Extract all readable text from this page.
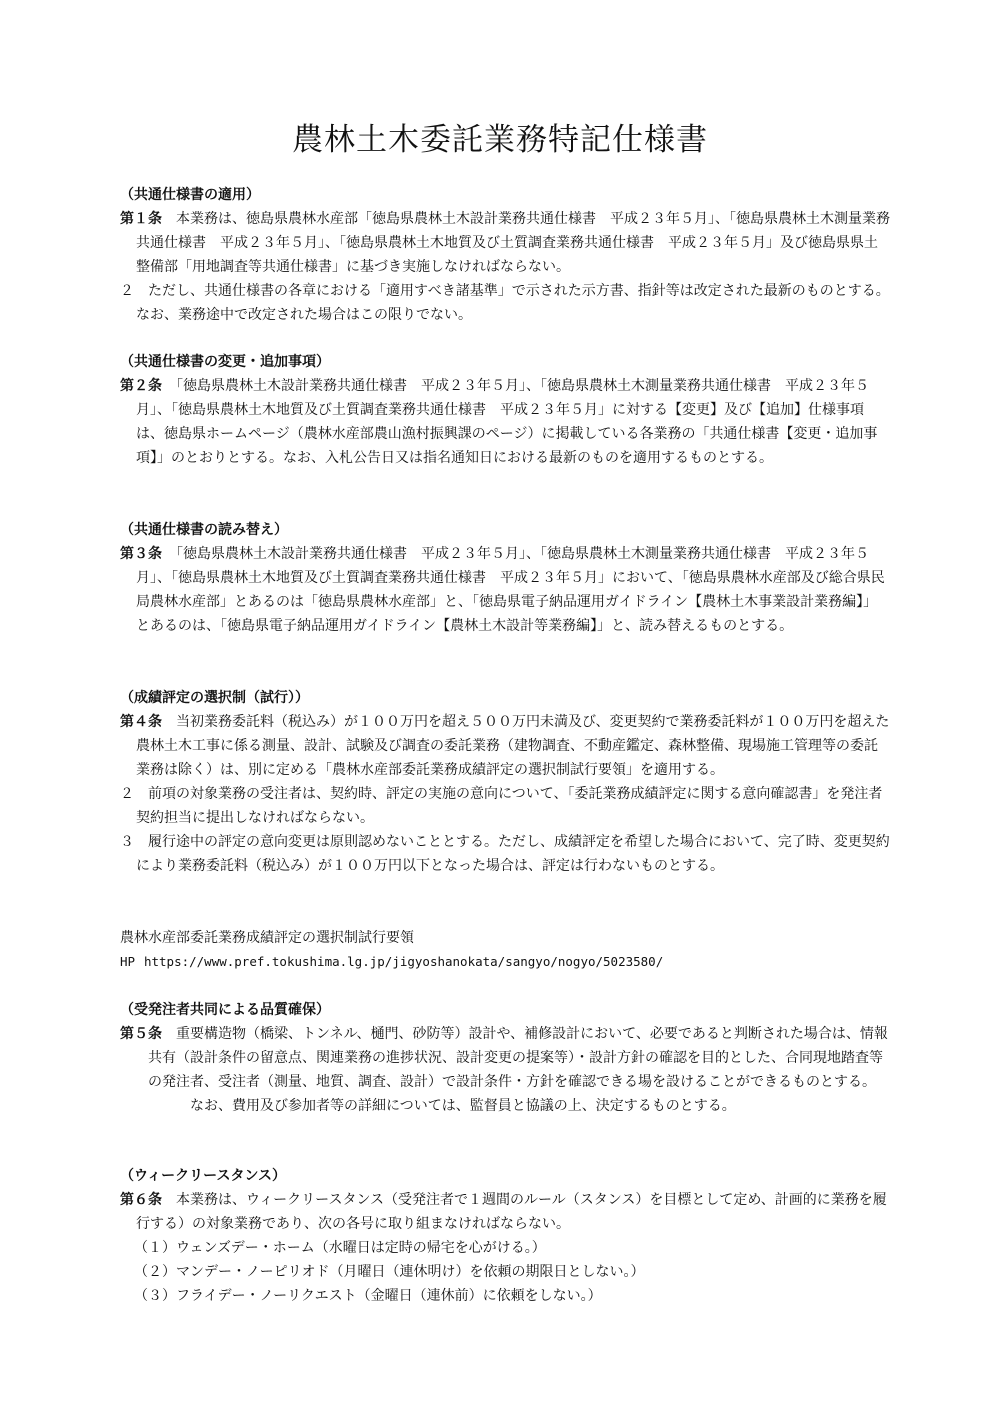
農林土木委託業務特記仕様書

（共通仕様書の適用）

第１条　本業務は、徳島県農林水産部「徳島県農林土木設計業務共通仕様書　平成２３年５月」、「徳島県農林土木測量業務共通仕様書　平成２３年５月」、「徳島県農林土木地質及び土質調査業務共通仕様書　平成２３年５月」及び徳島県県土整備部「用地調査等共通仕様書」に基づき実施しなければならない。

２　ただし、共通仕様書の各章における「適用すべき諸基準」で示された示方書、指針等は改定された最新のものとする。なお、業務途中で改定された場合はこの限りでない。

（共通仕様書の変更・追加事項）

第２条　「徳島県農林土木設計業務共通仕様書　平成２３年５月」、「徳島県農林土木測量業務共通仕様書　平成２３年５月」、「徳島県農林土木地質及び土質調査業務共通仕様書　平成２３年５月」に対する【変更】及び【追加】仕様事項は、徳島県ホームページ（農林水産部農山漁村振興課のページ）に掲載している各業務の「共通仕様書【変更・追加事項】」のとおりとする。なお、入札公告日又は指名通知日における最新のものを適用するものとする。

（共通仕様書の読み替え）

第３条　「徳島県農林土木設計業務共通仕様書　平成２３年５月」、「徳島県農林土木測量業務共通仕様書　平成２３年５月」、「徳島県農林土木地質及び土質調査業務共通仕様書　平成２３年５月」において、「徳島県農林水産部及び総合県民局農林水産部」とあるのは「徳島県農林水産部」と、「徳島県電子納品運用ガイドライン【農林土木事業設計業務編】」とあるのは、「徳島県電子納品運用ガイドライン【農林土木設計等業務編】」と、読み替えるものとする。

（成績評定の選択制（試行））

第４条　当初業務委託料（税込み）が１００万円を超え５００万円未満及び、変更契約で業務委託料が１００万円を超えた農林土木工事に係る測量、設計、試験及び調査の委託業務（建物調査、不動産鑑定、森林整備、現場施工管理等の委託業務は除く）は、別に定める「農林水産部委託業務成績評定の選択制試行要領」を適用する。

２　前項の対象業務の受注者は、契約時、評定の実施の意向について、「委託業務成績評定に関する意向確認書」を発注者契約担当に提出しなければならない。

３　履行途中の評定の意向変更は原則認めないこととする。ただし、成績評定を希望した場合において、完了時、変更契約により業務委託料（税込み）が１００万円以下となった場合は、評定は行わないものとする。

農林水産部委託業務成績評定の選択制試行要領

HP https://www.pref.tokushima.lg.jp/jigyoshanokata/sangyo/nogyo/5023580/

（受発注者共同による品質確保）

第５条　重要構造物（橋梁、トンネル、樋門、砂防等）設計や、補修設計において、必要であると判断された場合は、情報共有（設計条件の留意点、関連業務の進捗状況、設計変更の提案等）・設計方針の確認を目的とした、合同現地踏査等の発注者、受注者（測量、地質、調査、設計）で設計条件・方針を確認できる場を設けることができるものとする。

なお、費用及び参加者等の詳細については、監督員と協議の上、決定するものとする。

（ウィークリースタンス）

第６条　本業務は、ウィークリースタンス（受発注者で１週間のルール（スタンス）を目標として定め、計画的に業務を履行する）の対象業務であり、次の各号に取り組まなければならない。

（１）ウェンズデー・ホーム（水曜日は定時の帰宅を心がける。）

（２）マンデー・ノーピリオド（月曜日（連休明け）を依頼の期限日としない。）

（３）フライデー・ノーリクエスト（金曜日（連休前）に依頼をしない。）
